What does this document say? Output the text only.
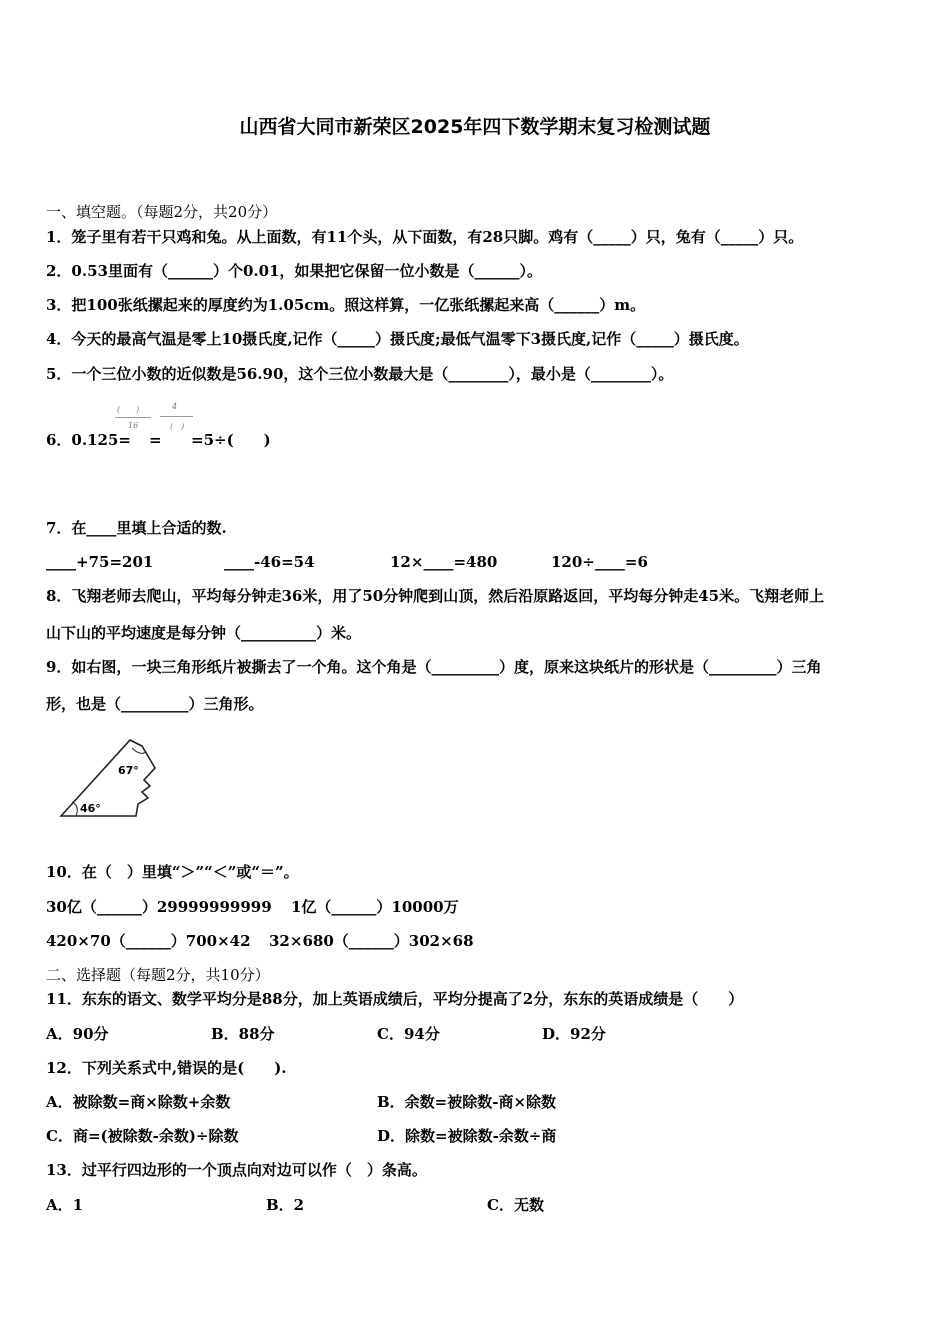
山西省大同市新荣区2025年四下数学期末复习检测试题
一、填空题。（每题2分，共20分）
1．笼子里有若干只鸡和兔。从上面数，有11个头，从下面数，有28只脚。鸡有（_____）只，兔有（_____）只。
2．0.53里面有（______）个0.01，如果把它保留一位小数是（______）。
3．把100张纸摞起来的厚度约为1.05cm。照这样算，一亿张纸摞起来高（______）m。
4．今天的最高气温是零上10摄氏度,记作（_____）摄氏度;最低气温零下3摄氏度,记作（_____）摄氏度。
5．一个三位小数的近似数是56.90，这个三位小数最大是（________），最小是（________）。
6．0.125=
(　　)
16
=
4
(　)
=5÷(　　)
7．在____里填上合适的数.
____+75=201	____-46=54	12×____=480	120÷____=6
8．飞翔老师去爬山，平均每分钟走36米，用了50分钟爬到山顶，然后沿原路返回，平均每分钟走45米。飞翔老师上
山下山的平均速度是每分钟（__________）米。
9．如右图，一块三角形纸片被撕去了一个角。这个角是（_________）度，原来这块纸片的形状是（_________）三角
形，也是（_________）三角形。
67°
46°
10．在（　）里填“＞”“＜”或“＝”。
30亿（______）29999999999 1亿（______）10000万
420×70（______）700×42 32×680（______）302×68
二、选择题（每题2分，共10分）
11．东东的语文、数学平均分是88分，加上英语成绩后，平均分提高了2分，东东的英语成绩是（　　）
A．90分	B．88分	C．94分	D．92分
12．下列关系式中,错误的是(　　).
A．被除数=商×除数+余数	B．余数=被除数-商×除数
C．商=(被除数-余数)÷除数	D．除数=被除数-余数÷商
13．过平行四边形的一个顶点向对边可以作（　）条高。
A．1	B．2	C．无数
